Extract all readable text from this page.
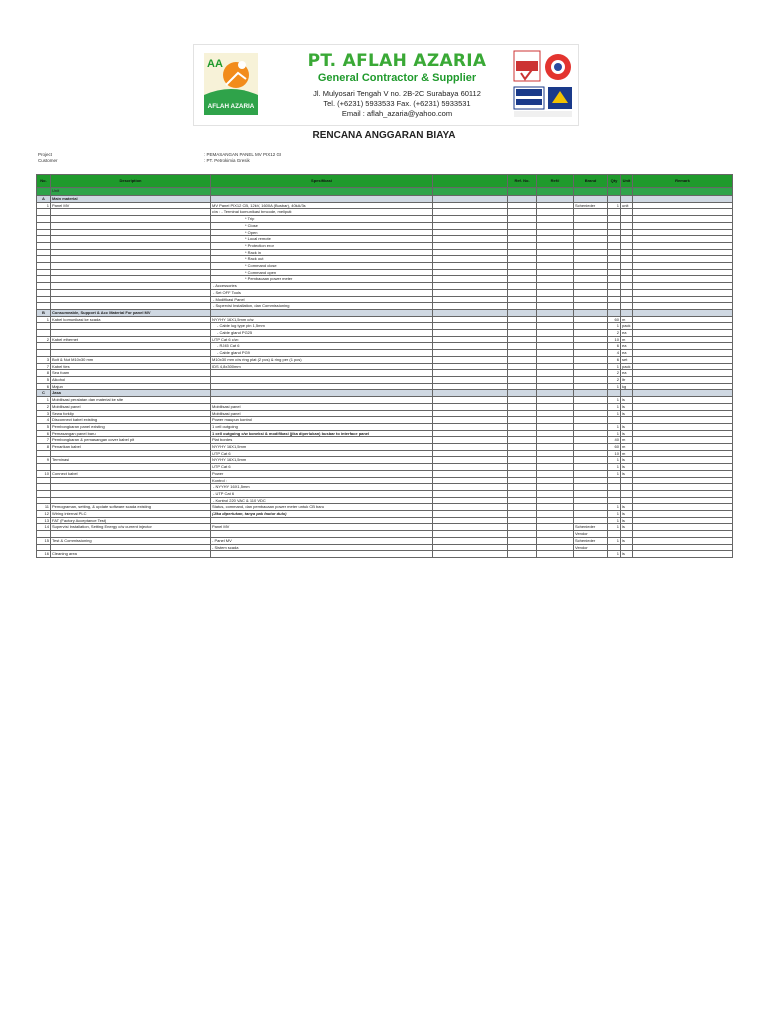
AA
AFLAH AZARIA
PT. AFLAH AZARIA
General Contractor & Supplier
Jl. Mulyosari Tengah V no. 2B-2C Surabaya 60112
Tel. (+6231) 5933533 Fax. (+6231) 5933531
Email : aflah_azaria@yahoo.com
RENCANA ANGGARAN BIAYA
Project	: PEMASANGAN PANEL MV PIX12 GI
Customer	: PT. Petrokimia Gresik
No.	Description	Spesifikasi		Ref. No.	Ref#	Brand	Qty	Unit	Remark
	Unit								
A	Main material								
1	Panel MV	MV Panel PIX12 CB, 12kV, 1600A (Busbar), 40kA/3s				Schenieder	1	unit	
		c/w : - Terminal komunikasi bmcode, meliputi:							
		* Trip							
		* Close							
		* Open							
		* Local remote							
		* Protection eror							
		* Rack in							
		* Rack out							
		* Command close							
		* Command open							
		* Pembacaan power meter							
		- Accessories							
		- Set OFF Tools							
		- Modifikasi Panel							
		- Supervisi Installation, dan Commissioning							
B	Consumeable, Support & Acc Material For panel MV								
1	Kabel komunikasi ke scada	NYYHY 16X1,5mm c/w:					60	m	
		- Cable lug type pin 1,5mm					1	pack	
		- Cable gland PG25					2	ea	
2	Kabel ethernet	UTP Cat 6 c/w:					10	m	
		- RJ45 Cat 6					6	ea	
		- Cable gland PG9					4	ea	
3	Bolt & Nut M10x30 mm	M10x30 mm c/w ring plat (2 pcs) & ring per (1 pcs)					6	set	
7	Kabel ties	IDS 4,8x300mm					1	pack	
8	Sea foam						2	ea	
5	Alkohol						2	ltr	
6	Majun						1	kg	
C	Jasa								
1	Mobilisasi peralatan dan material ke site						1	ls	
2	Mobilisasi panel	Mobilisasi panel					1	ls	
3	Sewa forklip	Mobilisasi panel					1	ls	
4	Disconnect kabel existing	Power maupun kontrol							
5	Pembongkaran panel existing	1 cell outgoing					1	ls	
6	Pemasangan panel baru	1 cell outgoing c/w koneksi & modifikasi (jika diperlukan) busbar to interface panel					1	ls	
7	Pembongkaran & pemasangan cover kabel pit	Plat bordes					40	m	
8	Penarikan kabel	NYYHY 16X1,5mm					60	m	
		UTP Cat 6					10	m	
9	Terminasi	NYYHY 16X1,5mm					1	ls	
		UTP Cat 6					1	ls	
10	Connect kabel	Power					1	ls	
		Kontrol :							
		- NYYHY 16X1,5mm							
		- UTP Cat 6							
		- Kontrol 220 VAC & 110 VDC							
11	Pemograman, setting, & update software scada existing	Status, command, dan pembacaan power meter untuk CB baru					1	ls	
12	Wiring internal PLC	(Jika diperlukan, tanya pak fautur dulu)					1	ls	
13	FAT (Factory Acceptance Test)						1	ls	
14	Supervisi Installation, Setting Energy c/w current injector	Panel MV				Schenieder	1	ls	
						Vendor			
15	Test & Commissioning	- Panel MV				Schenieder	1	ls	
		- Sistem scada				Vendor			
16	Cleaning area						1	ls	
